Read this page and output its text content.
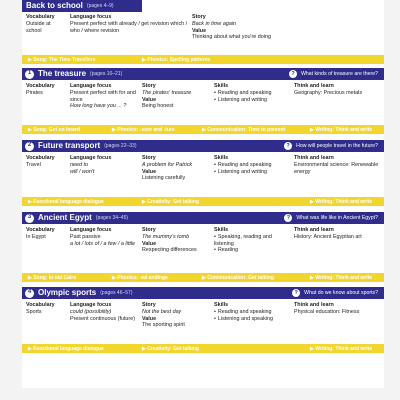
Back to school (pages 4–9)
Vocabulary
Outside at school
Language focus
Present perfect with already / get revision which / who / where revision
Story
Back in time again
Value
Thinking about what you're doing
▶ Song: The Time Travellers	▶ Phonics: Spelling patterns
1 The treasure (pages 10–21)	?	What kinds of treasure are there?
Vocabulary
Pirates
Language focus
Present perfect with for and since
How long have you ... ?
Story
The pirates' treasure
Value
Being honest
Skills
• Reading and speaking
• Listening and writing
Think and learn
Geography: Precious metals
▶ Song: Get on board	▶ Phonics: -sure and -ture	▶ Communication: Time to present	▶ Writing: Think and write
2 Future transport (pages 22–33)	?	How will people travel in the future?
Vocabulary
Travel
Language focus
need to
will / won't
Story
A problem for Patrick
Value
Listening carefully
Skills
• Reading and speaking
• Listening and writing
Think and learn
Environmental science: Renewable energy
▶ Functional language dialogue	▶ Creativity: Get talking	▶ Writing: Think and write
3 Ancient Egypt (pages 34–45)	?	What was life like in Ancient Egypt?
Vocabulary
In Egypt
Language focus
Past passive
a lot / lots of / a few / a little
Story
The mummy's tomb
Value
Respecting differences
Skills
• Speaking, reading and listening
• Reading
Think and learn
History: Ancient Egyptian art
▶ Song: In old Cairo	▶ Phonics: -ed endings	▶ Communication: Get talking	▶ Writing: Think and write
4 Olympic sports (pages 46–57)	?	What do we know about sports?
Vocabulary
Sports
Language focus
could (possibility)
Present continuous (future)
Story
Not the best day
Value
The sporting spirit
Skills
• Reading and speaking
• Listening and speaking
Think and learn
Physical education: Fitness
▶ Functional language dialogue	▶ Creativity: Get talking	▶ Writing: Think and write
